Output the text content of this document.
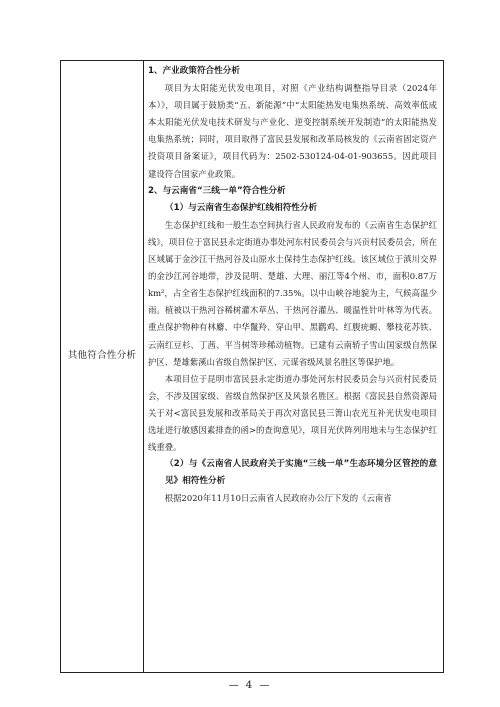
其他符合性分析

1、产业政策符合性分析

项目为太阳能光伏发电项目，对照《产业结构调整指导目录（2024年本）》，项目属于鼓励类“五、新能源”中“太阳能热发电集热系统、高效率低成本太阳能光伏发电技术研发与产业化、逆变控制系统开发制造”的太阳能热发电集热系统；同时，项目取得了富民县发展和改革局核发的《云南省固定资产投资项目备案证》，项目代码为：2502-530124-04-01-903655。因此项目建设符合国家产业政策。

2、与云南省“三线一单”符合性分析

（1）与云南省生态保护红线相符性分析

生态保护红线和一般生态空间执行省人民政府发布的《云南省生态保护红线》，项目位于富民县永定街道办事处河东村民委员会与兴贡村民委员会，所在区域属于金沙江干热河谷及山原水土保持生态保护红线。该区域位于滇川交界的金沙江河谷地带，涉及昆明、楚雄、大理、丽江等4个州、市，面积0.87万km²，占全省生态保护红线面积的7.35%。以中山峡谷地貌为主，气候高温少雨。植被以干热河谷稀树灌木草丛、干热河谷灌丛、暖温性针叶林等为代表。重点保护物种有林麝、中华鬣羚、穿山甲、黑鹳鸡、红腹疣螈、攀枝花苏铁、云南红豆杉、丁茜、平当树等珍稀动植物。已建有云南轿子雪山国家级自然保护区、楚雄紫溪山省级自然保护区、元谋省级风景名胜区等保护地。

本项目位于昆明市富民县永定街道办事处河东村民委员会与兴贡村民委员会，不涉及国家级、省级自然保护区及风景名胜区。根据《富民县自然资源局关于对<富民县发展和改革局关于再次对富民县三箐山农光互补光伏发电项目选址进行敏感因素排查的函>的查询意见》，项目光伏阵列用地未与生态保护红线重叠。

（2）与《云南省人民政府关于实施“三线一单”生态环境分区管控的意见》相符性分析

根据2020年11月10日云南省人民政府办公厅下发的《云南省

— 4 —
